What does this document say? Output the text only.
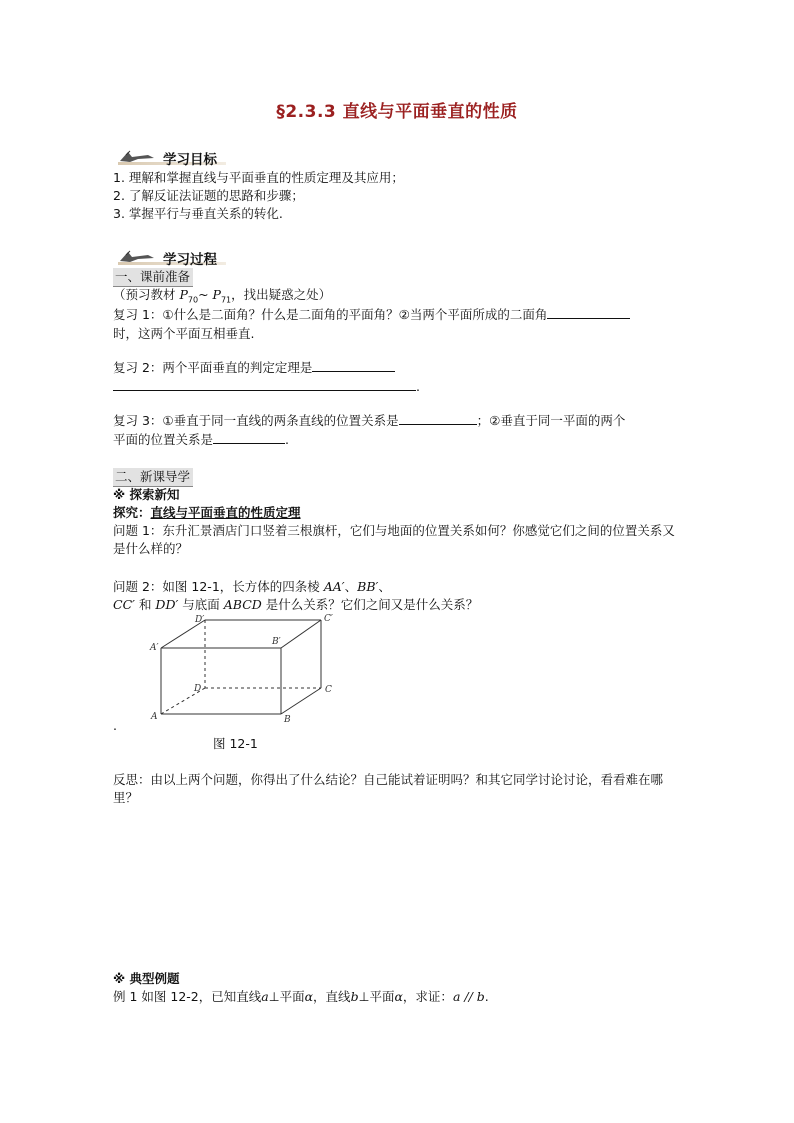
§2.3.3 直线与平面垂直的性质
学习目标
1. 理解和掌握直线与平面垂直的性质定理及其应用；
2. 了解反证法证题的思路和步骤；
3. 掌握平行与垂直关系的转化.
学习过程
一、课前准备
（预习教材 $P_{70}\sim$ $P_{71}$，找出疑惑之处）
复习 1：①什么是二面角？什么是二面角的平面角？②当两个平面所成的二面角
时，这两个平面互相垂直.
复习 2：两个平面垂直的判定定理是
.
复习 3：①垂直于同一直线的两条直线的位置关系是	；②垂直于同一平面的两个
平面的位置关系是	.
二、新课导学
※ 探索新知
探究：直线与平面垂直的性质定理
问题 1：东升汇景酒店门口竖着三根旗杆，它们与地面的位置关系如何？你感觉它们之间的位置关系又是什么样的？
问题 2：如图 12-1，长方体的四条棱 AA′、BB′、
CC′ 和 DD′ 与底面 ABCD 是什么关系？它们之间又是什么关系？
D′	C′
A′
B′
D	C
A	B
.
图 12-1
反思：由以上两个问题，你得出了什么结论？自己能试着证明吗？和其它同学讨论讨论，看看难在哪里？
※ 典型例题
例 1 如图 12-2，已知直线a⊥平面α，直线b⊥平面α，求证：a // b.
